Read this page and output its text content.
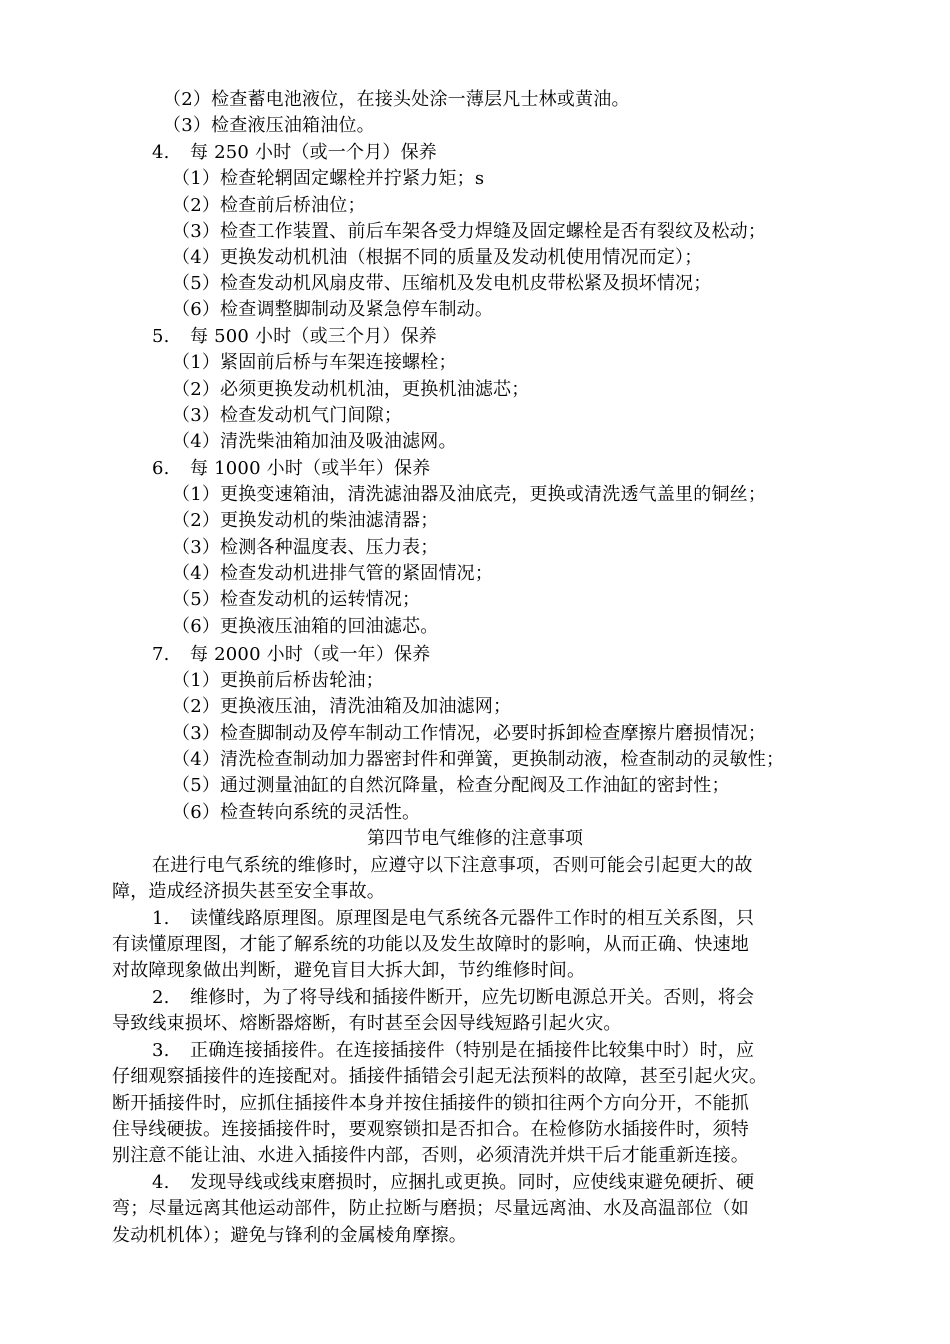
（2）检查蓄电池液位，在接头处涂一薄层凡士林或黄油。
（3）检查液压油箱油位。
4. 每 250 小时（或一个月）保养
（1）检查轮辋固定螺栓并拧紧力矩；s
（2）检查前后桥油位；
（3）检查工作装置、前后车架各受力焊缝及固定螺栓是否有裂纹及松动；
（4）更换发动机机油（根据不同的质量及发动机使用情况而定）；
（5）检查发动机风扇皮带、压缩机及发电机皮带松紧及损坏情况；
（6）检查调整脚制动及紧急停车制动。
5. 每 500 小时（或三个月）保养
（1）紧固前后桥与车架连接螺栓；
（2）必须更换发动机机油，更换机油滤芯；
（3）检查发动机气门间隙；
（4）清洗柴油箱加油及吸油滤网。
6. 每 1000 小时（或半年）保养
（1）更换变速箱油，清洗滤油器及油底壳，更换或清洗透气盖里的铜丝；
（2）更换发动机的柴油滤清器；
（3）检测各种温度表、压力表；
（4）检查发动机进排气管的紧固情况；
（5）检查发动机的运转情况；
（6）更换液压油箱的回油滤芯。
7. 每 2000 小时（或一年）保养
（1）更换前后桥齿轮油；
（2）更换液压油，清洗油箱及加油滤网；
（3）检查脚制动及停车制动工作情况，必要时拆卸检查摩擦片磨损情况；
（4）清洗检查制动加力器密封件和弹簧，更换制动液，检查制动的灵敏性；
（5）通过测量油缸的自然沉降量，检查分配阀及工作油缸的密封性；
（6）检查转向系统的灵活性。
第四节电气维修的注意事项
在进行电气系统的维修时，应遵守以下注意事项，否则可能会引起更大的故
障，造成经济损失甚至安全事故。
1. 读懂线路原理图。原理图是电气系统各元器件工作时的相互关系图，只
有读懂原理图，才能了解系统的功能以及发生故障时的影响，从而正确、快速地
对故障现象做出判断，避免盲目大拆大卸，节约维修时间。
2. 维修时，为了将导线和插接件断开，应先切断电源总开关。否则，将会
导致线束损坏、熔断器熔断，有时甚至会因导线短路引起火灾。
3. 正确连接插接件。在连接插接件（特别是在插接件比较集中时）时，应
仔细观察插接件的连接配对。插接件插错会引起无法预料的故障，甚至引起火灾。
断开插接件时，应抓住插接件本身并按住插接件的锁扣往两个方向分开，不能抓
住导线硬拔。连接插接件时，要观察锁扣是否扣合。在检修防水插接件时，须特
别注意不能让油、水进入插接件内部，否则，必须清洗并烘干后才能重新连接。
4. 发现导线或线束磨损时，应捆扎或更换。同时，应使线束避免硬折、硬
弯；尽量远离其他运动部件，防止拉断与磨损；尽量远离油、水及高温部位（如
发动机机体）；避免与锋利的金属棱角摩擦。
